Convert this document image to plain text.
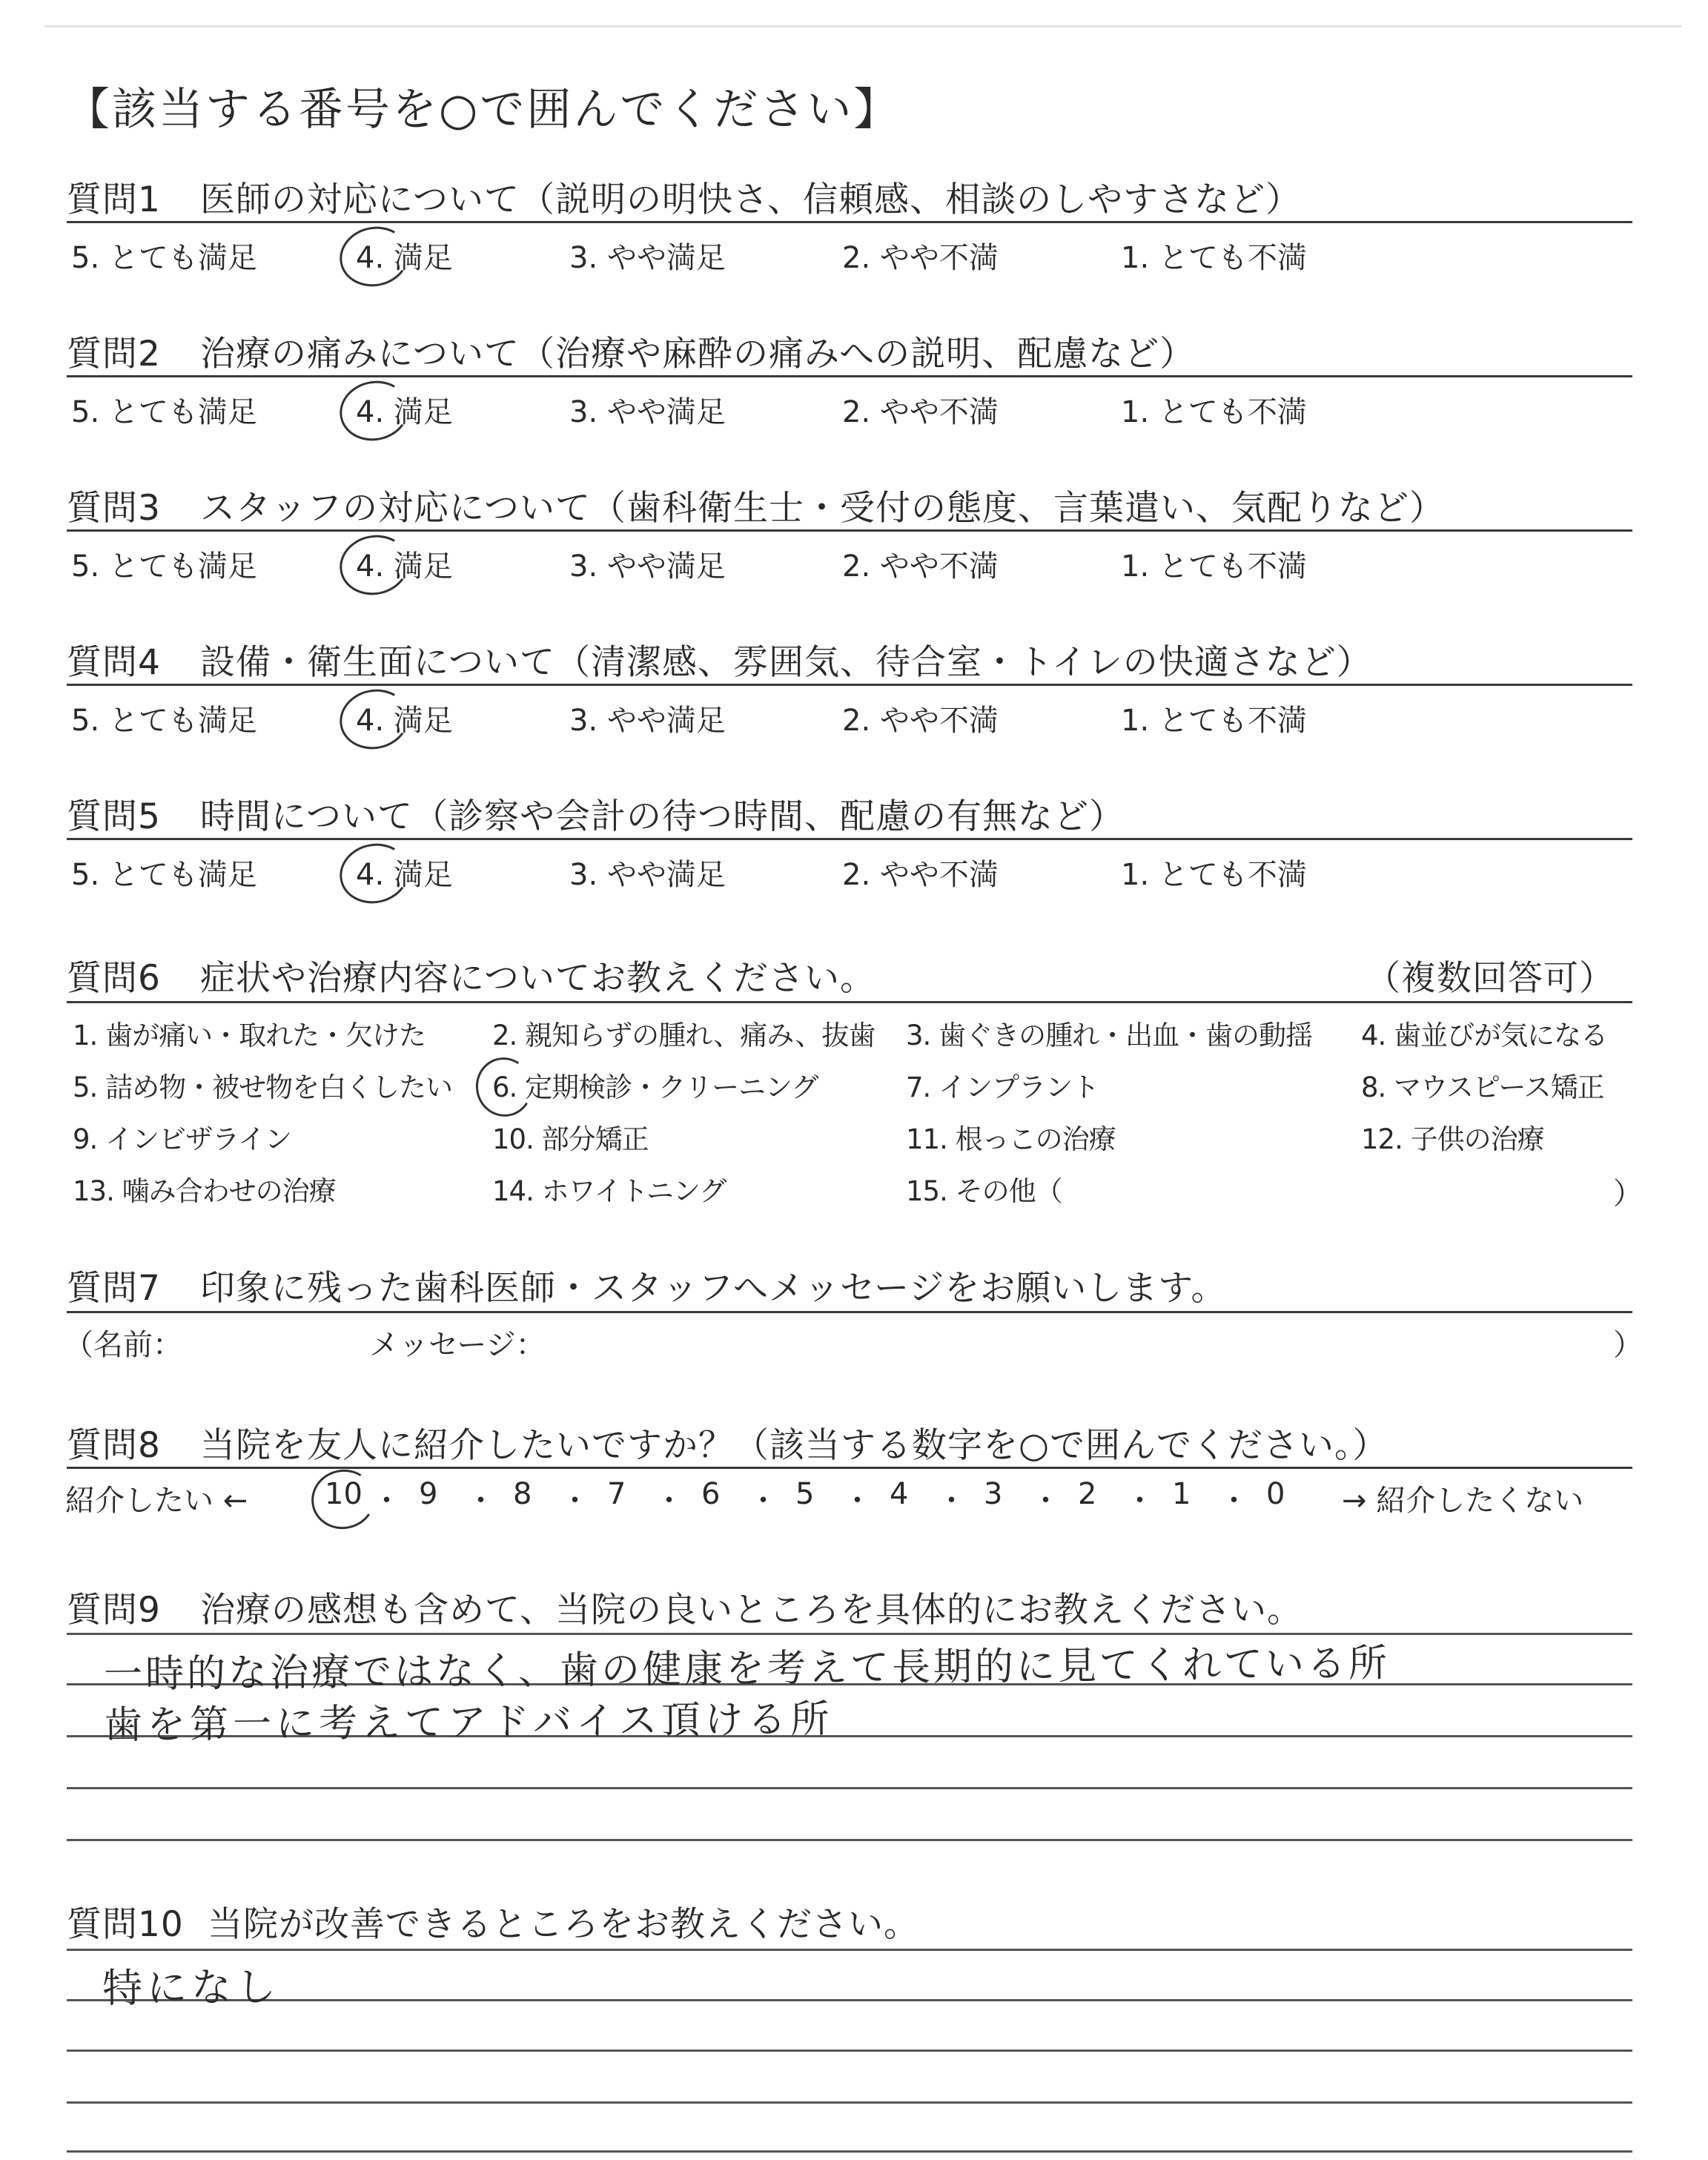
【該当する番号を○で囲んでください】
質問1 医師の対応について（説明の明快さ、信頼感、相談のしやすさなど）
5. とても満足	4. 満足	3. やや満足	2. やや不満	1. とても不満
質問2 治療の痛みについて（治療や麻酔の痛みへの説明、配慮など）
5. とても満足	4. 満足	3. やや満足	2. やや不満	1. とても不満
質問3 スタッフの対応について（歯科衛生士・受付の態度、言葉遣い、気配りなど）
5. とても満足	4. 満足	3. やや満足	2. やや不満	1. とても不満
質問4 設備・衛生面について（清潔感、雰囲気、待合室・トイレの快適さなど）
5. とても満足	4. 満足	3. やや満足	2. やや不満	1. とても不満
質問5 時間について（診察や会計の待つ時間、配慮の有無など）
5. とても満足	4. 満足	3. やや満足	2. やや不満	1. とても不満
質問6 症状や治療内容についてお教えください。	（複数回答可）
1. 歯が痛い・取れた・欠けた 2. 親知らずの腫れ、痛み、抜歯 3. 歯ぐきの腫れ・出血・歯の動揺 4. 歯並びが気になる
5. 詰め物・被せ物を白くしたい 6. 定期検診・クリーニング	7. インプラント	8. マウスピース矯正
9. インビザライン	10. 部分矯正	11. 根っこの治療	12. 子供の治療
13. 噛み合わせの治療	14. ホワイトニング	15. その他（	）
質問7 印象に残った歯科医師・スタッフへメッセージをお願いします。
（名前：	メッセージ：	）
質問8 当院を友人に紹介したいですか？（該当する数字を○で囲んでください。）
紹介したい ←	10 ・ 9 ・ 8 ・ 7 ・ 6 ・ 5 ・ 4 ・ 3 ・ 2 ・ 1 ・ 0 → 紹介したくない
質問9 治療の感想も含めて、当院の良いところを具体的にお教えください。
一時的な治療ではなく、歯の健康を考えて長期的に見てくれている所
歯を第一に考えてアドバイス頂ける所
質問10 当院が改善できるところをお教えください。
特になし
